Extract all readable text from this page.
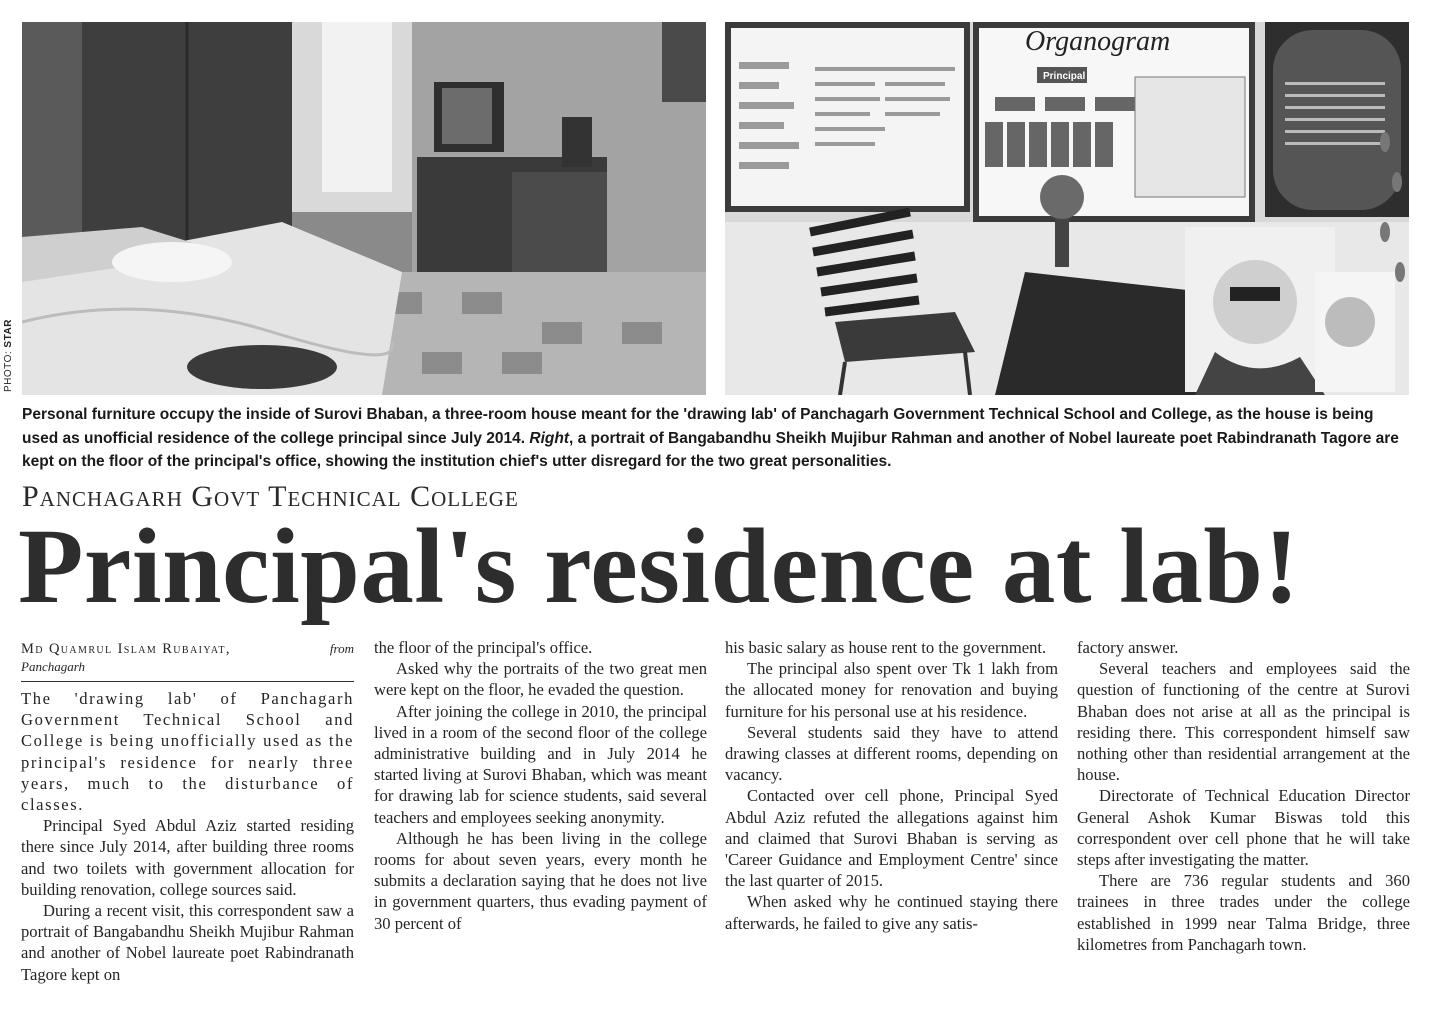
Organogram
Principal
PHOTO: STAR
Personal furniture occupy the inside of Surovi Bhaban, a three-room house meant for the 'drawing lab' of Panchagarh Government Technical School and College, as the house is being used as unofficial residence of the college principal since July 2014. Right, a portrait of Bangabandhu Sheikh Mujibur Rahman and another of Nobel laureate poet Rabindranath Tagore are kept on the floor of the principal's office, showing the institution chief's utter disregard for the two great personalities.
Panchagarh Govt Technical College
Principal's residence at lab!
Md Quamrul Islam Rubaiyat,	from
Panchagarh

The 'drawing lab' of Panchagarh Government Technical School and College is being unofficially used as the principal's residence for nearly three years, much to the disturbance of classes.

Principal Syed Abdul Aziz started residing there since July 2014, after building three rooms and two toilets with government allocation for building renovation, college sources said.

During a recent visit, this correspondent saw a portrait of Bangabandhu Sheikh Mujibur Rahman and another of Nobel laureate poet Rabindranath Tagore kept on

the floor of the principal's office.

Asked why the portraits of the two great men were kept on the floor, he evaded the question.

After joining the college in 2010, the principal lived in a room of the second floor of the college administrative building and in July 2014 he started living at Surovi Bhaban, which was meant for drawing lab for science students, said several teachers and employees seeking anonymity.

Although he has been living in the college rooms for about seven years, every month he submits a declaration saying that he does not live in government quarters, thus evading payment of 30 percent of

his basic salary as house rent to the government.

The principal also spent over Tk 1 lakh from the allocated money for renovation and buying furniture for his personal use at his residence.

Several students said they have to attend drawing classes at different rooms, depending on vacancy.

Contacted over cell phone, Principal Syed Abdul Aziz refuted the allegations against him and claimed that Surovi Bhaban is serving as 'Career Guidance and Employment Centre' since the last quarter of 2015.

When asked why he continued staying there afterwards, he failed to give any satis-

factory answer.

Several teachers and employees said the question of functioning of the centre at Surovi Bhaban does not arise at all as the principal is residing there. This correspondent himself saw nothing other than residential arrangement at the house.

Directorate of Technical Education Director General Ashok Kumar Biswas told this correspondent over cell phone that he will take steps after investigating the matter.

There are 736 regular students and 360 trainees in three trades under the college established in 1999 near Talma Bridge, three kilometres from Panchagarh town.
